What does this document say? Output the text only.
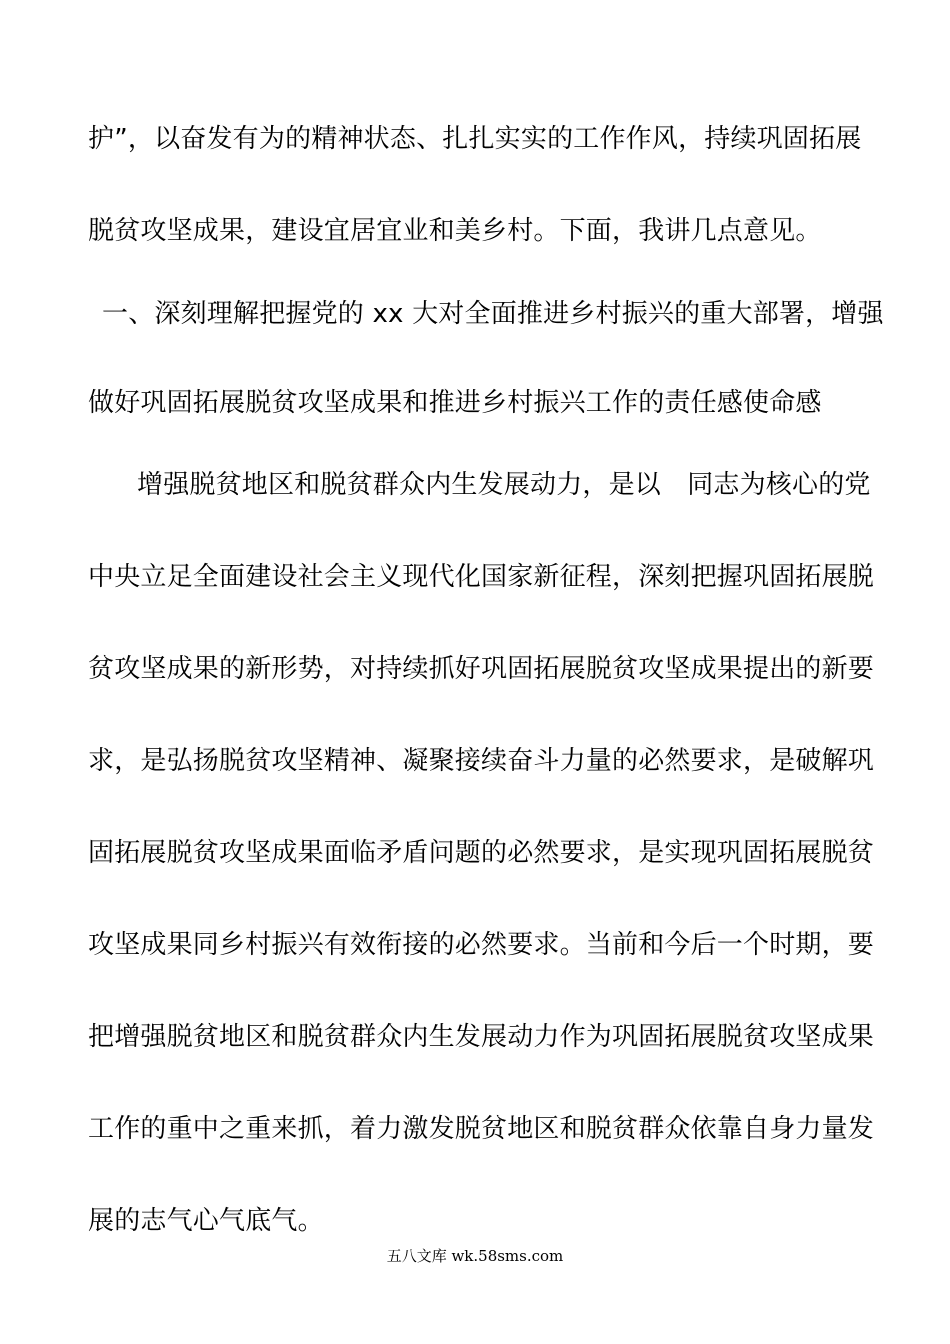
护”，以奋发有为的精神状态、扎扎实实的工作作风，持续巩固拓展
脱贫攻坚成果，建设宜居宜业和美乡村。下面，我讲几点意见。
一、深刻理解把握党的 xx 大对全面推进乡村振兴的重大部署，增强
做好巩固拓展脱贫攻坚成果和推进乡村振兴工作的责任感使命感
增强脱贫地区和脱贫群众内生发展动力，是以　同志为核心的党
中央立足全面建设社会主义现代化国家新征程，深刻把握巩固拓展脱
贫攻坚成果的新形势，对持续抓好巩固拓展脱贫攻坚成果提出的新要
求，是弘扬脱贫攻坚精神、凝聚接续奋斗力量的必然要求，是破解巩
固拓展脱贫攻坚成果面临矛盾问题的必然要求，是实现巩固拓展脱贫
攻坚成果同乡村振兴有效衔接的必然要求。当前和今后一个时期，要
把增强脱贫地区和脱贫群众内生发展动力作为巩固拓展脱贫攻坚成果
工作的重中之重来抓，着力激发脱贫地区和脱贫群众依靠自身力量发
展的志气心气底气。
五八文库 wk.58sms.com
